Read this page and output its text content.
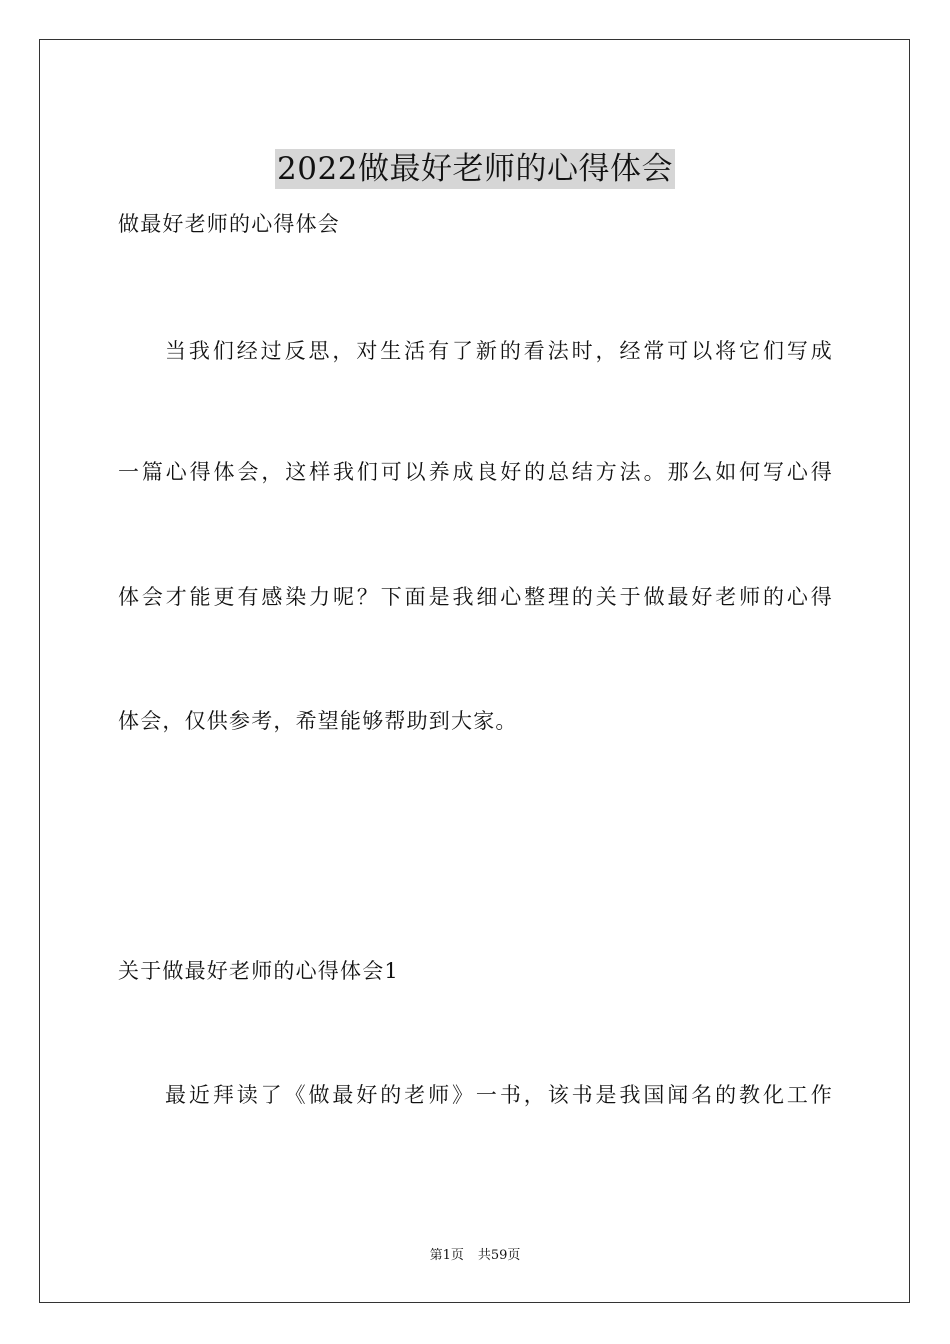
2022做最好老师的心得体会
做最好老师的心得体会
当我们经过反思，对生活有了新的看法时，经常可以将它们写成
一篇心得体会，这样我们可以养成良好的总结方法。那么如何写心得
体会才能更有感染力呢？下面是我细心整理的关于做最好老师的心得
体会，仅供参考，希望能够帮助到大家。
关于做最好老师的心得体会1
最近拜读了《做最好的老师》一书，该书是我国闻名的教化工作
第1页 共59页
